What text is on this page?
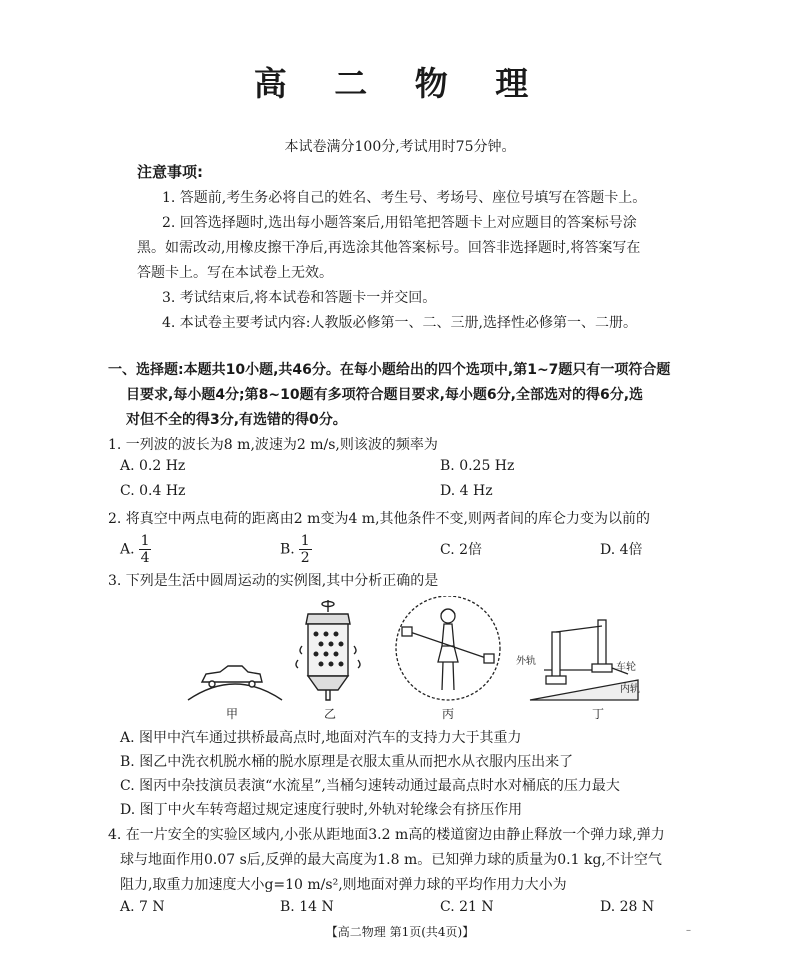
高 二 物 理
本试卷满分100分,考试用时75分钟。
注意事项:
1. 答题前,考生务必将自己的姓名、考生号、考场号、座位号填写在答题卡上。
2. 回答选择题时,选出每小题答案后,用铅笔把答题卡上对应题目的答案标号涂
黑。如需改动,用橡皮擦干净后,再选涂其他答案标号。回答非选择题时,将答案写在
答题卡上。写在本试卷上无效。
3. 考试结束后,将本试卷和答题卡一并交回。
4. 本试卷主要考试内容:人教版必修第一、二、三册,选择性必修第一、二册。
一、选择题:本题共10小题,共46分。在每小题给出的四个选项中,第1~7题只有一项符合题
目要求,每小题4分;第8~10题有多项符合题目要求,每小题6分,全部选对的得6分,选
对但不全的得3分,有选错的得0分。
1. 一列波的波长为8 m,波速为2 m/s,则该波的频率为
A. 0.2 Hz	B. 0.25 Hz
C. 0.4 Hz	D. 4 Hz
2. 将真空中两点电荷的距离由2 m变为4 m,其他条件不变,则两者间的库仑力变为以前的
A. $\frac{1}{4}$	B. $\frac{1}{2}$	C. 2倍	D. 4倍
3. 下列是生活中圆周运动的实例图,其中分析正确的是
甲	乙	丙
外轨
车轮
内轨
丁
A. 图甲中汽车通过拱桥最高点时,地面对汽车的支持力大于其重力
B. 图乙中洗衣机脱水桶的脱水原理是衣服太重从而把水从衣服内压出来了
C. 图丙中杂技演员表演“水流星”,当桶匀速转动通过最高点时水对桶底的压力最大
D. 图丁中火车转弯超过规定速度行驶时,外轨对轮缘会有挤压作用
4. 在一片安全的实验区域内,小张从距地面3.2 m高的楼道窗边由静止释放一个弹力球,弹力
球与地面作用0.07 s后,反弹的最大高度为1.8 m。已知弹力球的质量为0.1 kg,不计空气
阻力,取重力加速度大小g=10 m/s²,则地面对弹力球的平均作用力大小为
A. 7 N	B. 14 N	C. 21 N	D. 28 N
【高二物理 第1页(共4页)】	–
